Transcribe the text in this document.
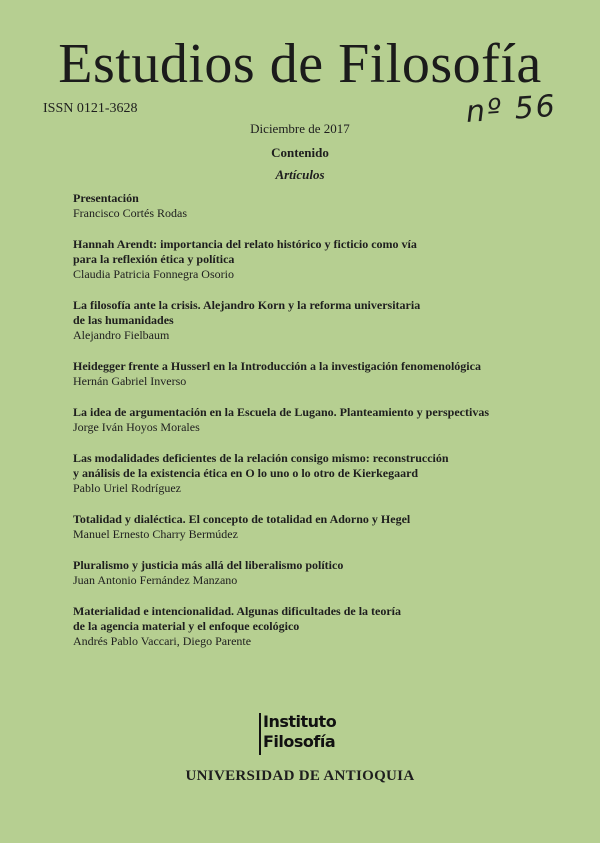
Estudios de Filosofía
ISSN 0121-3628	nº 56
Diciembre de 2017
Contenido
Artículos
Presentación
Francisco Cortés Rodas
Hannah Arendt: importancia del relato histórico y ficticio como vía
para la reflexión ética y política
Claudia Patricia Fonnegra Osorio
La filosofía ante la crisis. Alejandro Korn y la reforma universitaria
de las humanidades
Alejandro Fielbaum
Heidegger frente a Husserl en la Introducción a la investigación fenomenológica
Hernán Gabriel Inverso
La idea de argumentación en la Escuela de Lugano. Planteamiento y perspectivas
Jorge Iván Hoyos Morales
Las modalidades deficientes de la relación consigo mismo: reconstrucción
y análisis de la existencia ética en O lo uno o lo otro de Kierkegaard
Pablo Uriel Rodríguez
Totalidad y dialéctica. El concepto de totalidad en Adorno y Hegel
Manuel Ernesto Charry Bermúdez
Pluralismo y justicia más allá del liberalismo político
Juan Antonio Fernández Manzano
Materialidad e intencionalidad. Algunas dificultades de la teoría
de la agencia material y el enfoque ecológico
Andrés Pablo Vaccari, Diego Parente
Instituto
Filosofía
UNIVERSIDAD DE ANTIOQUIA
